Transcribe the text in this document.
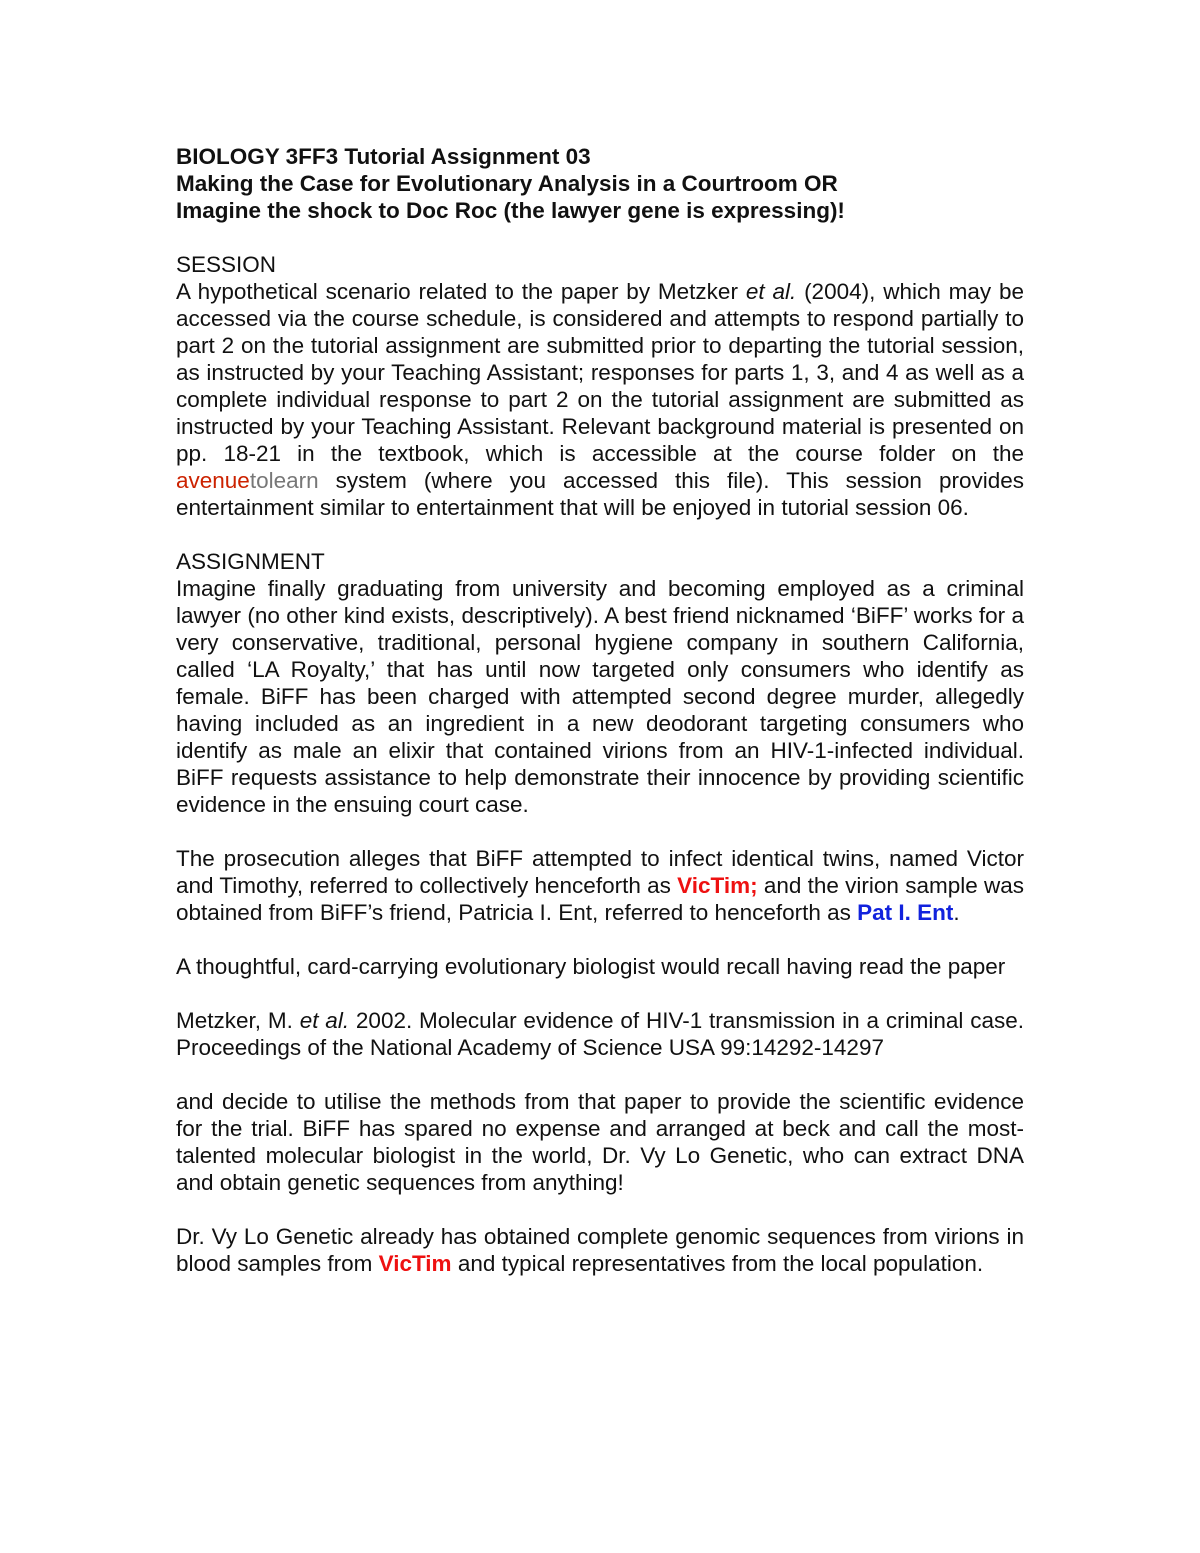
BIOLOGY 3FF3 Tutorial Assignment 03
Making the Case for Evolutionary Analysis in a Courtroom OR
Imagine the shock to Doc Roc (the lawyer gene is expressing)!
SESSION

A hypothetical scenario related to the paper by Metzker et al. (2004), which may be accessed via the course schedule, is considered and attempts to respond partially to part 2 on the tutorial assignment are submitted prior to departing the tutorial session, as instructed by your Teaching Assistant; responses for parts 1, 3, and 4 as well as a complete individual response to part 2 on the tutorial assignment are submitted as instructed by your Teaching Assistant. Relevant background material is presented on pp. 18-21 in the textbook, which is accessible at the course folder on the avenuetolearn system (where you accessed this file). This session provides entertainment similar to entertainment that will be enjoyed in tutorial session 06.

ASSIGNMENT

Imagine finally graduating from university and becoming employed as a criminal lawyer (no other kind exists, descriptively). A best friend nicknamed ‘BiFF’ works for a very conservative, traditional, personal hygiene company in southern California, called ‘LA Royalty,’ that has until now targeted only consumers who identify as female. BiFF has been charged with attempted second degree murder, allegedly having included as an ingredient in a new deodorant targeting consumers who identify as male an elixir that contained virions from an HIV-1-infected individual. BiFF requests assistance to help demonstrate their innocence by providing scientific evidence in the ensuing court case.

The prosecution alleges that BiFF attempted to infect identical twins, named Victor and Timothy, referred to collectively henceforth as VicTim; and the virion sample was obtained from BiFF’s friend, Patricia I. Ent, referred to henceforth as Pat I. Ent.

A thoughtful, card-carrying evolutionary biologist would recall having read the paper

Metzker, M. et al. 2002. Molecular evidence of HIV-1 transmission in a criminal case. Proceedings of the National Academy of Science USA 99:14292-14297

and decide to utilise the methods from that paper to provide the scientific evidence for the trial. BiFF has spared no expense and arranged at beck and call the most-talented molecular biologist in the world, Dr. Vy Lo Genetic, who can extract DNA and obtain genetic sequences from anything!

Dr. Vy Lo Genetic already has obtained complete genomic sequences from virions in blood samples from VicTim and typical representatives from the local population.
